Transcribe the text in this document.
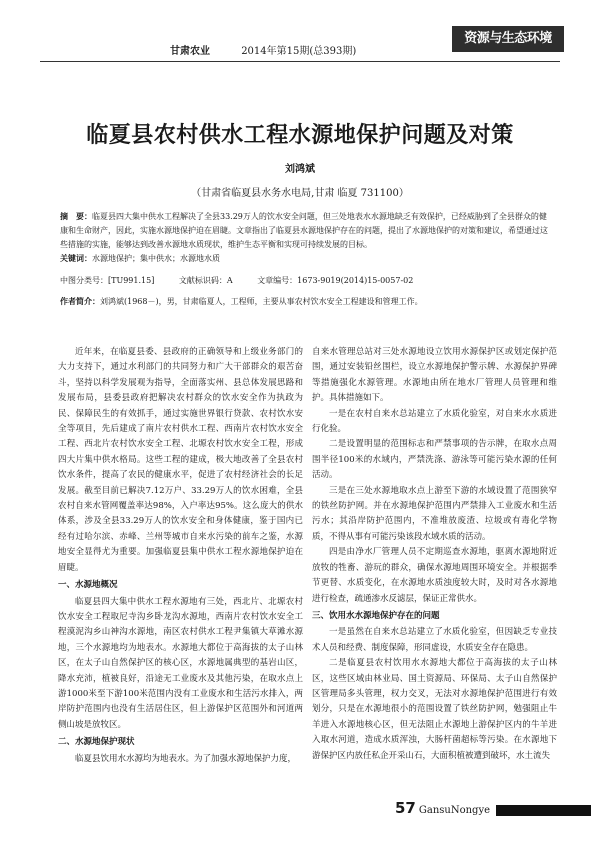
甘肃农业	2014年第15期(总393期)
资源与生态环境
临夏县农村供水工程水源地保护问题及对策
刘鸿斌
（甘肃省临夏县水务水电局,甘肃 临夏 731100）
摘　要：临夏县四大集中供水工程解决了全县33.29万人的饮水安全问题，但三处地表水水源地缺乏有效保护，已经威胁到了全县群众的健康和生命财产，因此，实施水源地保护迫在眉睫。文章指出了临夏县水源地保护存在的问题，提出了水源地保护的对策和建议，希望通过这些措施的实施，能够达到改善水源地水质现状，维护生态平衡和实现可持续发展的目标。
关键词：水源地保护；集中供水；水源地水质
中图分类号：[TU991.15]	文献标识码：A	文章编号：1673-9019(2014)15-0057-02
作者简介：刘鸿斌(1968－)，男，甘肃临夏人，工程师，主要从事农村饮水安全工程建设和管理工作。

近年来，在临夏县委、县政府的正确领导和上级业务部门的大力支持下，通过水利部门的共同努力和广大干部群众的艰苦奋斗，坚持以科学发展观为指导，全面落实州、县总体发展思路和发展布局，县委县政府把解决农村群众的饮水安全作为执政为民、保障民生的有效抓手，通过实施世界银行贷款、农村饮水安全等项目，先后建成了南片农村供水工程、西南片农村饮水安全工程、西北片农村饮水安全工程、北塬农村饮水安全工程，形成四大片集中供水格局。这些工程的建成，极大地改善了全县农村饮水条件，提高了农民的健康水平，促进了农村经济社会的长足发展。截至目前已解决7.12万户、33.29万人的饮水困难，全县农村自来水管网覆盖率达98%，入户率达95%。这么庞大的供水体系，涉及全县33.29万人的饮水安全和身体健康，鉴于国内已经有过哈尔滨、赤峰、兰州等城市自来水污染的前车之鉴，水源地安全显得尤为重要。加强临夏县集中供水工程水源地保护迫在眉睫。

一、水源地概况

临夏县四大集中供水工程水源地有三处，西北片、北塬农村饮水安全工程取尼寺沟乡卧龙沟水源地，西南片农村饮水安全工程漠泥沟乡山神沟水源地，南区农村供水工程尹集镇大草滩水源地，三个水源地均为地表水。水源地大都位于高海拔的太子山林区，在太子山自然保护区的核心区，水源地属典型的基岩山区，降水充沛，植被良好，沿途无工业废水及其他污染，在取水点上游1000米至下游100米范围内没有工业废水和生活污水排入，两岸防护范围内也没有生活居住区，但上游保护区范围外和河道两侧山坡是放牧区。

二、水源地保护现状

临夏县饮用水水源均为地表水。为了加强水源地保护力度，

自来水管理总站对三处水源地设立饮用水源保护区或划定保护范围，通过安装铅丝围栏，设立水源地保护警示牌、水源保护界碑等措施强化水源管理。水源地由所在地水厂管理人员管理和维护。具体措施如下。

一是在农村自来水总站建立了水质化验室，对自来水水质进行化验。

二是设置明显的范围标志和严禁事项的告示牌，在取水点周围半径100米的水域内，严禁洗涤、游泳等可能污染水源的任何活动。

三是在三处水源地取水点上游至下游的水域设置了范围狭窄的铁丝防护网。并在水源地保护范围内严禁排入工业废水和生活污水；其沿岸防护范围内，不准堆放废渣、垃圾或有毒化学物质，不得从事有可能污染该段水域水质的活动。

四是由净水厂管理人员不定期巡查水源地，驱离水源地附近放牧的牲畜、游玩的群众，确保水源地周围环境安全。并根据季节更替、水质变化，在水源地水质浊度较大时，及时对各水源地进行检查，疏通渗水反滤层，保证正常供水。

三、饮用水水源地保护存在的问题

一是虽然在自来水总站建立了水质化验室，但因缺乏专业技术人员和经费、制度保障，形同虚设，水质安全存在隐患。

二是临夏县农村饮用水水源地大都位于高海拔的太子山林区，这些区域由林业局、国土资源局、环保局、太子山自然保护区管理局多头管理，权力交叉，无法对水源地保护范围进行有效划分，只是在水源地很小的范围设置了铁丝防护网，勉强阻止牛羊进入水源地核心区，但无法阻止水源地上游保护区内的牛羊进入取水河道，造成水质浑浊，大肠杆菌超标等污染。在水源地下游保护区内放任私企开采山石，大面积植被遭到破坏，水土流失

57 GansuNongye
